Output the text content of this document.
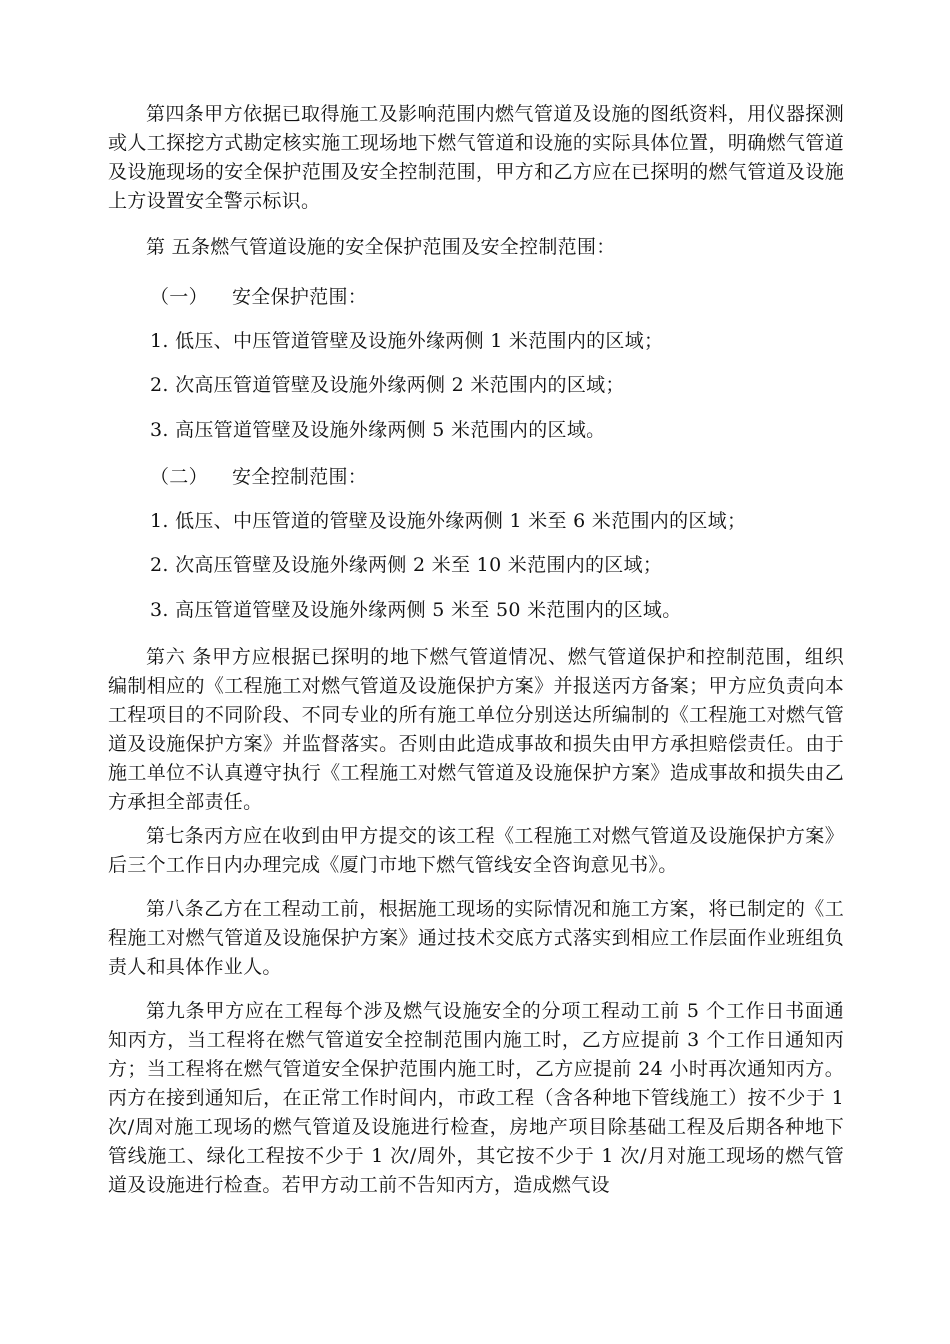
第四条甲方依据已取得施工及影响范围内燃气管道及设施的图纸资料，用仪器探测或人工探挖方式勘定核实施工现场地下燃气管道和设施的实际具体位置，明确燃气管道及设施现场的安全保护范围及安全控制范围，甲方和乙方应在已探明的燃气管道及设施上方设置安全警示标识。

第 五条燃气管道设施的安全保护范围及安全控制范围：

（一） 安全保护范围：

1. 低压、中压管道管壁及设施外缘两侧 1 米范围内的区域；

2. 次高压管道管壁及设施外缘两侧 2 米范围内的区域；

3. 高压管道管壁及设施外缘两侧 5 米范围内的区域。

（二） 安全控制范围：

1. 低压、中压管道的管壁及设施外缘两侧 1 米至 6 米范围内的区域；

2. 次高压管壁及设施外缘两侧 2 米至 10 米范围内的区域；

3. 高压管道管壁及设施外缘两侧 5 米至 50 米范围内的区域。

第六 条甲方应根据已探明的地下燃气管道情况、燃气管道保护和控制范围，组织编制相应的《工程施工对燃气管道及设施保护方案》并报送丙方备案；甲方应负责向本工程项目的不同阶段、不同专业的所有施工单位分别送达所编制的《工程施工对燃气管道及设施保护方案》并监督落实。否则由此造成事故和损失由甲方承担赔偿责任。由于施工单位不认真遵守执行《工程施工对燃气管道及设施保护方案》造成事故和损失由乙方承担全部责任。

第七条丙方应在收到由甲方提交的该工程《工程施工对燃气管道及设施保护方案》后三个工作日内办理完成《厦门市地下燃气管线安全咨询意见书》。

第八条乙方在工程动工前，根据施工现场的实际情况和施工方案，将已制定的《工程施工对燃气管道及设施保护方案》通过技术交底方式落实到相应工作层面作业班组负责人和具体作业人。

第九条甲方应在工程每个涉及燃气设施安全的分项工程动工前 5 个工作日书面通知丙方，当工程将在燃气管道安全控制范围内施工时，乙方应提前 3 个工作日通知丙方；当工程将在燃气管道安全保护范围内施工时，乙方应提前 24 小时再次通知丙方。丙方在接到通知后，在正常工作时间内，市政工程（含各种地下管线施工）按不少于 1 次/周对施工现场的燃气管道及设施进行检查，房地产项目除基础工程及后期各种地下管线施工、绿化工程按不少于 1 次/周外，其它按不少于 1 次/月对施工现场的燃气管道及设施进行检查。若甲方动工前不告知丙方，造成燃气设
